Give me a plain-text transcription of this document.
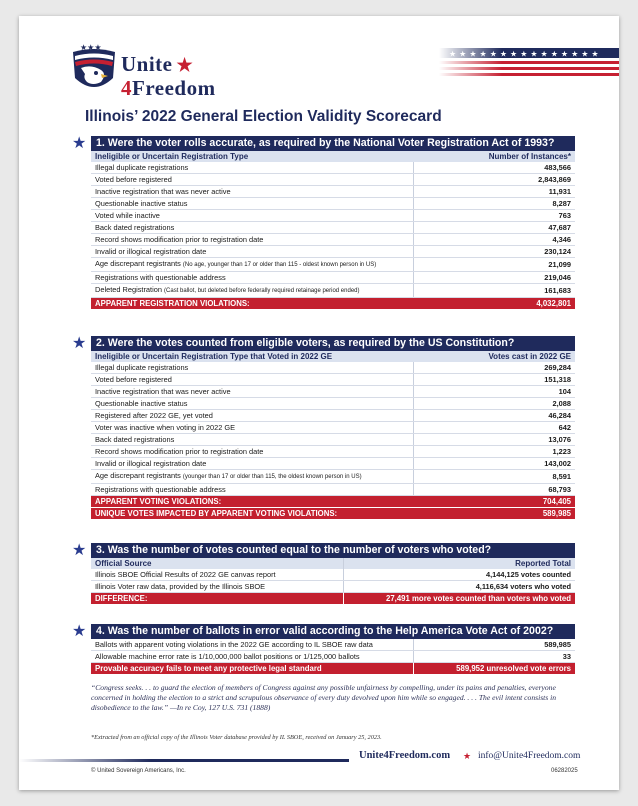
★★★
Unite ★
4Freedom
Illinois’ 2022 General Election Validity Scorecard
★ 1. Were the voter rolls accurate, as required by the National Voter Registration Act of 1993?
Ineligible or Uncertain Registration Type	Number of Instances*
Illegal duplicate registrations	483,566
Voted before registered	2,843,869
Inactive registration that was never active	11,931
Questionable inactive status	8,287
Voted while inactive	763
Back dated registrations	47,687
Record shows modification prior to registration date	4,346
Invalid or illogical registration date	230,124
Age discrepant registrants (No age, younger than 17 or older than 115 - oldest known person in US)	21,099
Registrations with questionable address	219,046
Deleted Registration (Cast ballot, but deleted before federally required retainage period ended)	161,683
APPARENT REGISTRATION VIOLATIONS:	4,032,801
★ 2. Were the votes counted from eligible voters, as required by the US Constitution?
Ineligible or Uncertain Registration Type that Voted in 2022 GE	Votes cast in 2022 GE
Illegal duplicate registrations	269,284
Voted before registered	151,318
Inactive registration that was never active	104
Questionable inactive status	2,088
Registered after 2022 GE, yet voted	46,284
Voter was inactive when voting in 2022 GE	642
Back dated registrations	13,076
Record shows modification prior to registration date	1,223
Invalid or illogical registration date	143,002
Age discrepant registrants (younger than 17 or older than 115, the oldest known person in US)	8,591
Registrations with questionable address	68,793
APPARENT VOTING VIOLATIONS:	704,405
UNIQUE VOTES IMPACTED BY APPARENT VOTING VIOLATIONS:	589,985
★ 3. Was the number of votes counted equal to the number of voters who voted?
Official Source	Reported Total
Illinois SBOE Official Results of 2022 GE canvas report	4,144,125 votes counted
Illinois Voter raw data, provided by the Illinois SBOE	4,116,634 voters who voted
DIFFERENCE:	27,491 more votes counted than voters who voted
★ 4. Was the number of ballots in error valid according to the Help America Vote Act of 2002?
Ballots with apparent voting violations in the 2022 GE according to IL SBOE raw data	589,985
Allowable machine error rate is 1/10,000,000 ballot positions or 1/125,000 ballots	33
Provable accuracy fails to meet any protective legal standard	589,952 unresolved vote errors
“Congress seeks. . . to guard the election of members of Congress against any possible unfairness by compelling, under its pains and penalties, everyone concerned in holding the election to a strict and scrupulous observance of every duty devolved upon him while so engaged. . . . The evil intent consists in disobedience to the law.” —In re Coy, 127 U.S. 731 (1888)
*Extracted from an official copy of the Illinois Voter database provided by IL SBOE, received on January 25, 2023.
Unite4Freedom.com ★ info@Unite4Freedom.com
© United Sovereign Americans, Inc.	06282025
